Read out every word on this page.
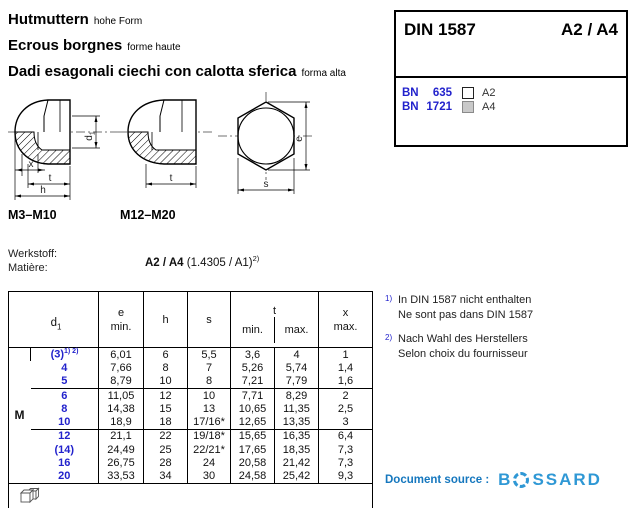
Hutmuttern hohe Form
Ecrous borgnes forme haute
Dadi esagonali ciechi con calotta sferica forma alta
DIN 1587	A2 / A4
BN	635	A2
BN 1721	A4
$d_1$
x
t
h
t
e
s
M3–M10	M12–M20
Werkstoff:
Matière:	A2 / A4 (1.4305 / A1)$^{2)}$
$d_1$	
e
min.
	h	s	
t
min.	max.

x
max.

M	$(3)^{1) 2)}$	6,01	6	5,5	3,6	4	1
	4	7,66	8	7	5,26	5,74	1,4
	5	8,79	10	8	7,21	7,79	1,6
	6	11,05	12	10	7,71	8,29	2
	8	14,38	15	13	10,65	11,35	2,5
	10	18,9	18	17/16*	12,65	13,35	3
	12	21,1	22	19/18*	15,65	16,35	6,4
	(14)	24,49	25	22/21*	17,65	18,35	7,3
	16	26,75	28	24	20,58	21,42	7,3
	20	33,53	34	30	24,58	25,42	9,3

1) In DIN 1587 nicht enthalten
Ne sont pas dans DIN 1587
2) Nach Wahl des Herstellers
Selon choix du fournisseur
Document source : B SSARD
